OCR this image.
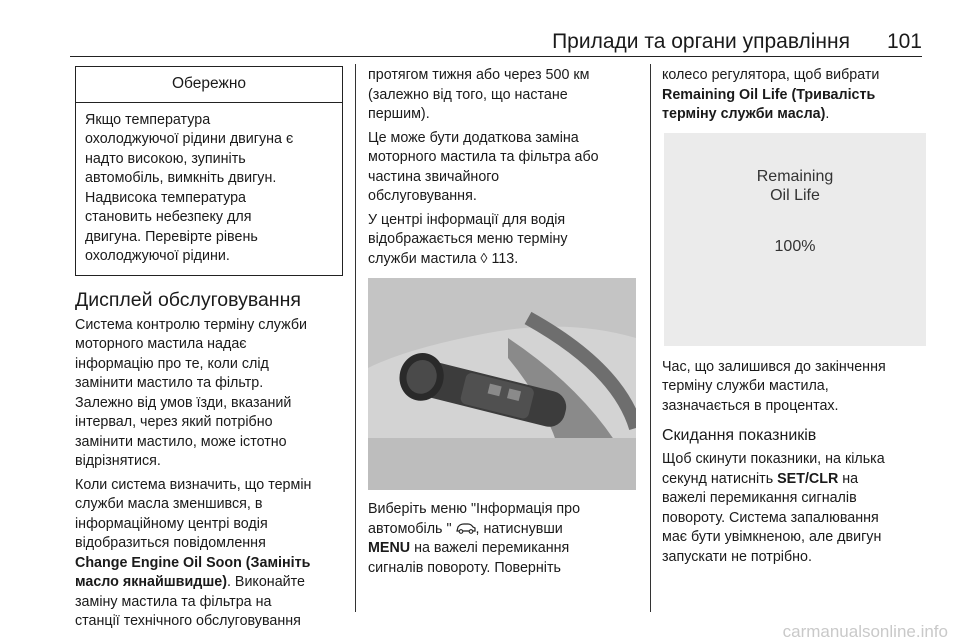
Прилади та органи управління 101
Обережно
Якщо температура
охолоджуючої рідини двигуна є
надто високою, зупиніть
автомобіль, вимкніть двигун.
Надвисока температура
становить небезпеку для
двигуна. Перевірте рівень
охолоджуючої рідини.
Дисплей обслуговування

Система контролю терміну служби
моторного мастила надає
інформацію про те, коли слід
замінити мастило та фільтр.
Залежно від умов їзди, вказаний
інтервал, через який потрібно
замінити мастило, може істотно
відрізнятися.

Коли система визначить, що термін
служби масла зменшився, в
інформаційному центрі водія
відобразиться повідомлення
Change Engine Oil Soon (Замініть
масло якнайшвидше). Виконайте
заміну мастила та фільтра на
станції технічного обслуговування

протягом тижня або через 500 км
(залежно від того, що настане
першим).

Це може бути додаткова заміна
моторного мастила та фільтра або
частина звичайного
обслуговування.

У центрі інформації для водія
відображається меню терміну
служби мастила ◊ 113.

Виберіть меню "Інформація про
автомобіль " , натиснувши
MENU на важелі перемикання
сигналів повороту. Поверніть

колесо регулятора, щоб вибрати
Remaining Oil Life (Тривалість
терміну служби масла).

Remaining
Oil Life
100%

Час, що залишився до закінчення
терміну служби мастила,
зазначається в процентах.

Скидання показників

Щоб скинути показники, на кілька
секунд натисніть SET/CLR на
важелі перемикання сигналів
повороту. Система запалювання
має бути увімкненою, але двигун
запускати не потрібно.

carmanualsonline.info
